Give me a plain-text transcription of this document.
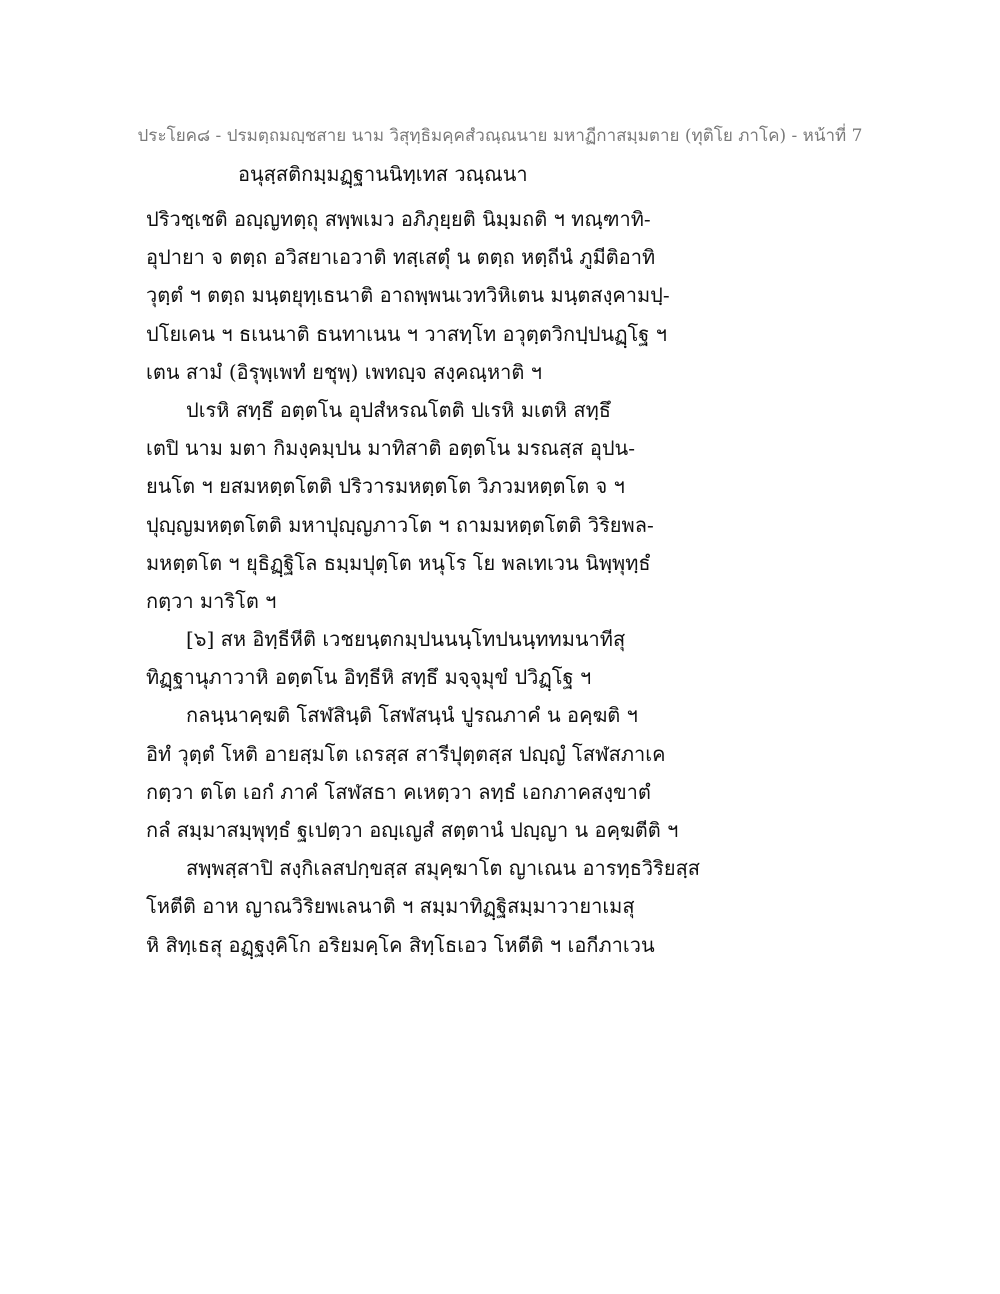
ประโยค๘ - ปรมตฺถมญฺชสาย นาม วิสุทฺธิมคฺคสํวณฺณนาย มหาฏีกาสมฺมตาย (ทุติโย ภาโค) - หน้าที่ 7
อนุสฺสติกมฺมฏฺฐานนิทฺเทส วณฺณนา
ปริวชฺเชติ อญฺญทตฺถุ สพฺพเมว อภิภุยฺยติ นิมฺมถติ ฯ ทณฺฑาทิ-
อุปายา จ ตตฺถ อวิสยาเอวาติ ทสฺเสตุํ น ตตฺถ หตฺถีนํ ภูมีติอาทิ
วุตฺตํ ฯ ตตฺถ มนฺตยุทฺเธนาติ อาถพฺพนเวทวิหิเตน มนฺตสงฺคามปฺ-
ปโยเคน ฯ ธเนนาติ ธนทาเนน ฯ วาสทฺโท อวุตฺตวิกปฺปนฏฺโฐ ฯ
เตน สามํ (อิรุพฺเพทํ ยชุพฺ) เพทญฺจ สงฺคณฺหาติ ฯ
ปเรหิ สทฺธึ อตฺตโน อุปสํหรณโตติ ปเรหิ มเตหิ สทฺธึ
เตปิ นาม มตา กิมงฺคมฺปน มาทิสาติ อตฺตโน มรณสฺส อุปน-
ยนโต ฯ ยสมหตฺตโตติ ปริวารมหตฺตโต วิภวมหตฺตโต จ ฯ
ปุญฺญมหตฺตโตติ มหาปุญฺญภาวโต ฯ ถามมหตฺตโตติ วิริยพล-
มหตฺตโต ฯ ยุธิฏฺฐิโล ธมฺมปุตฺโต หนุโร โย พลเทเวน นิพฺพุทฺธํ
กตฺวา มาริโต ฯ
[๖] สห อิทฺธีหีติ เวชยนฺตกมฺปนนนฺโทปนนฺททมนาทีสุ
ทิฏฺฐานุภาวาหิ อตฺตโน อิทฺธีหิ สทฺธึ มจฺจุมุขํ ปวิฏฺโฐ ฯ
กลนฺนาคฺฆติ โสฬสินฺติ โสฬสนฺนํ ปูรณภาคํ น อคฺฆติ ฯ
อิทํ วุตฺตํ โหติ อายสฺมโต เถรสฺส สารีปุตฺตสฺส ปญฺญํ โสฬสภาเค
กตฺวา ตโต เอกํ ภาคํ โสฬสธา คเหตฺวา ลทฺธํ เอกภาคสงฺขาตํ
กลํ สมฺมาสมฺพุทฺธํ ฐเปตฺวา อญฺเญสํ สตฺตานํ ปญฺญา น อคฺฆตีติ ฯ
สพฺพสฺสาปิ สงฺกิเลสปกฺขสฺส สมุคฺฆาโต ญาเณน อารทฺธวิริยสฺส
โหตีติ อาห ญาณวิริยพเลนาติ ฯ สมฺมาทิฏฺฐิสมฺมาวายาเมสุ
หิ สิทฺเธสุ อฏฺฐงฺคิโก อริยมคฺโค สิทฺโธเอว โหตีติ ฯ เอกีภาเวน
